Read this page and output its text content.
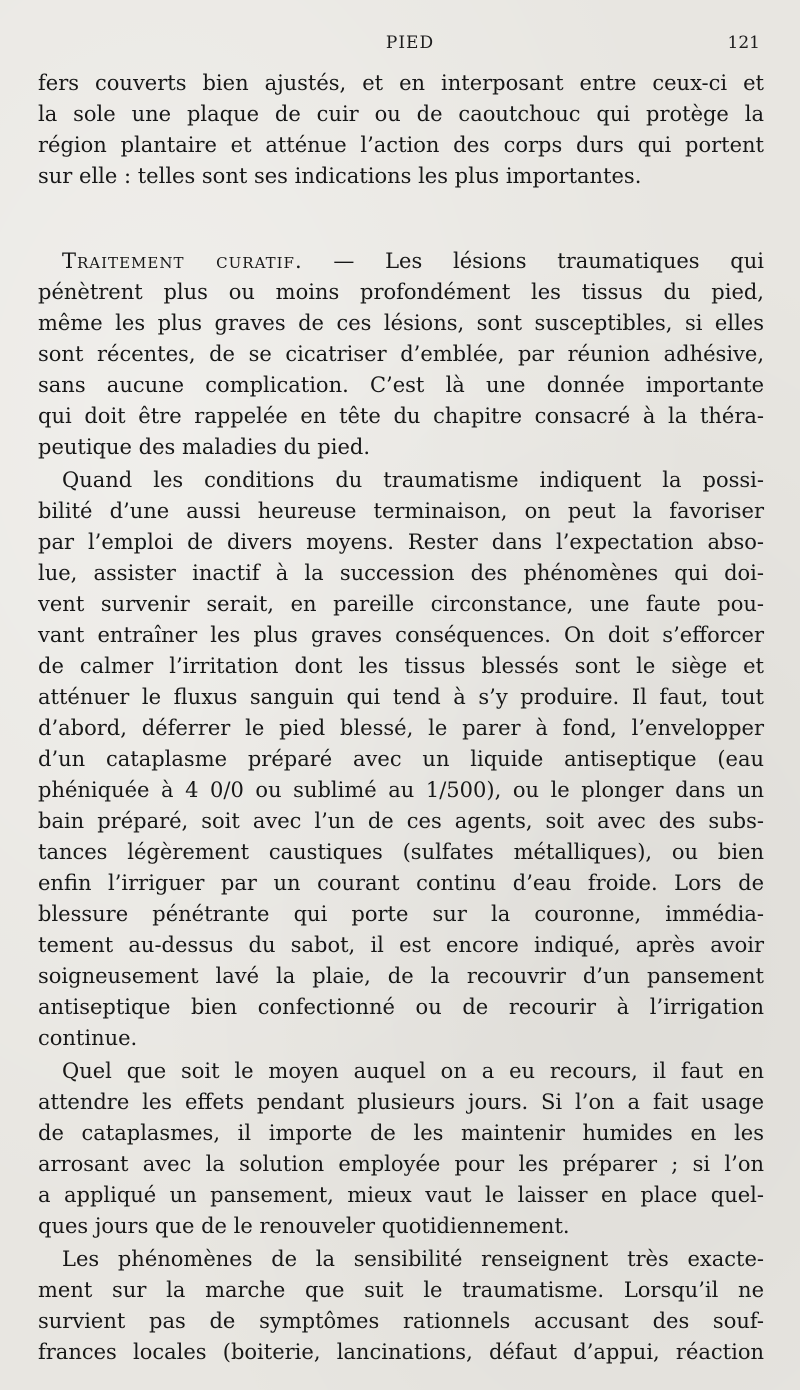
PIED	121
fers couverts bien ajustés, et en interposant entre ceux-ci et
la sole une plaque de cuir ou de caoutchouc qui protège la
région plantaire et atténue l’action des corps durs qui portent
sur elle : telles sont ses indications les plus importantes.
Traitement curatif. — Les lésions traumatiques qui
pénètrent plus ou moins profondément les tissus du pied,
même les plus graves de ces lésions, sont susceptibles, si elles
sont récentes, de se cicatriser d’emblée, par réunion adhésive,
sans aucune complication. C’est là une donnée importante
qui doit être rappelée en tête du chapitre consacré à la théra-
peutique des maladies du pied.
Quand les conditions du traumatisme indiquent la possi-
bilité d’une aussi heureuse terminaison, on peut la favoriser
par l’emploi de divers moyens. Rester dans l’expectation abso-
lue, assister inactif à la succession des phénomènes qui doi-
vent survenir serait, en pareille circonstance, une faute pou-
vant entraîner les plus graves conséquences. On doit s’efforcer
de calmer l’irritation dont les tissus blessés sont le siège et
atténuer le fluxus sanguin qui tend à s’y produire. Il faut, tout
d’abord, déferrer le pied blessé, le parer à fond, l’envelopper
d’un cataplasme préparé avec un liquide antiseptique (eau
phéniquée à 4 0/0 ou sublimé au 1/500), ou le plonger dans un
bain préparé, soit avec l’un de ces agents, soit avec des subs-
tances légèrement caustiques (sulfates métalliques), ou bien
enfin l’irriguer par un courant continu d’eau froide. Lors de
blessure pénétrante qui porte sur la couronne, immédia-
tement au-dessus du sabot, il est encore indiqué, après avoir
soigneusement lavé la plaie, de la recouvrir d’un pansement
antiseptique bien confectionné ou de recourir à l’irrigation
continue.
Quel que soit le moyen auquel on a eu recours, il faut en
attendre les effets pendant plusieurs jours. Si l’on a fait usage
de cataplasmes, il importe de les maintenir humides en les
arrosant avec la solution employée pour les préparer ; si l’on
a appliqué un pansement, mieux vaut le laisser en place quel-
ques jours que de le renouveler quotidiennement.
Les phénomènes de la sensibilité renseignent très exacte-
ment sur la marche que suit le traumatisme. Lorsqu’il ne
survient pas de symptômes rationnels accusant des souf-
frances locales (boiterie, lancinations, défaut d’appui, réaction
